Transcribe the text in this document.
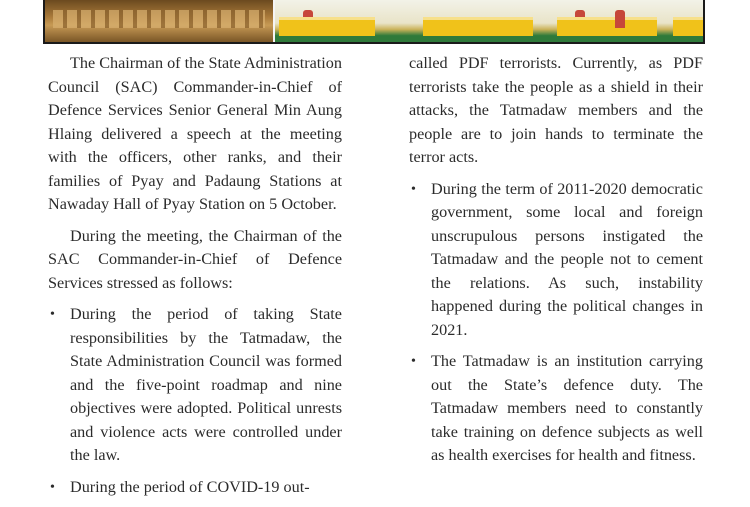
The Chairman of the State Administration Council (SAC) Commander-in-Chief of Defence Services Senior General Min Aung Hlaing delivered a speech at the meeting with the officers, other ranks, and their families of Pyay and Padaung Stations at Nawaday Hall of Pyay Station on 5 October.

During the meeting, the Chairman of the SAC Commander-in-Chief of Defence Services stressed as follows:

• During the period of taking State responsibilities by the Tatmadaw, the State Administration Council was formed and the five-point roadmap and nine objectives were adopted. Political unrests and violence acts were controlled under the law.
• During the period of COVID-19 out-

called PDF terrorists. Currently, as PDF terrorists take the people as a shield in their attacks, the Tatmadaw members and the people are to join hands to terminate the terror acts.

• During the term of 2011-2020 democratic government, some local and foreign unscrupulous persons instigated the Tatmadaw and the people not to cement the relations. As such, instability happened during the political changes in 2021.
• The Tatmadaw is an institution carrying out the State’s defence duty. The Tatmadaw members need to constantly take training on defence subjects as well as health exercises for health and fitness.
